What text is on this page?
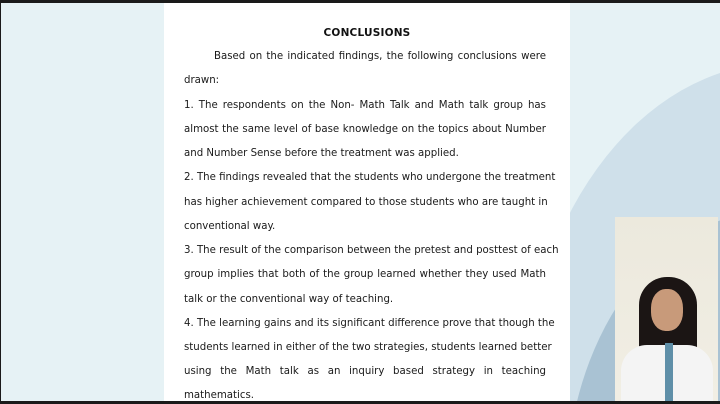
CONCLUSIONS
Based on the indicated findings, the following conclusions were
drawn:
1. The respondents on the Non- Math Talk and Math talk group has
almost the same level of base knowledge on the topics about Number
and Number Sense before the treatment was applied.
2. The findings revealed that the students who undergone the treatment
has higher achievement compared to those students who are taught in
conventional way.
3. The result of the comparison between the pretest and posttest of each
group implies that both of the group learned whether they used Math
talk or the conventional way of teaching.
4. The learning gains and its significant difference prove that though the
students learned in either of the two strategies, students learned better
using the Math talk as an inquiry based strategy in teaching
mathematics.
